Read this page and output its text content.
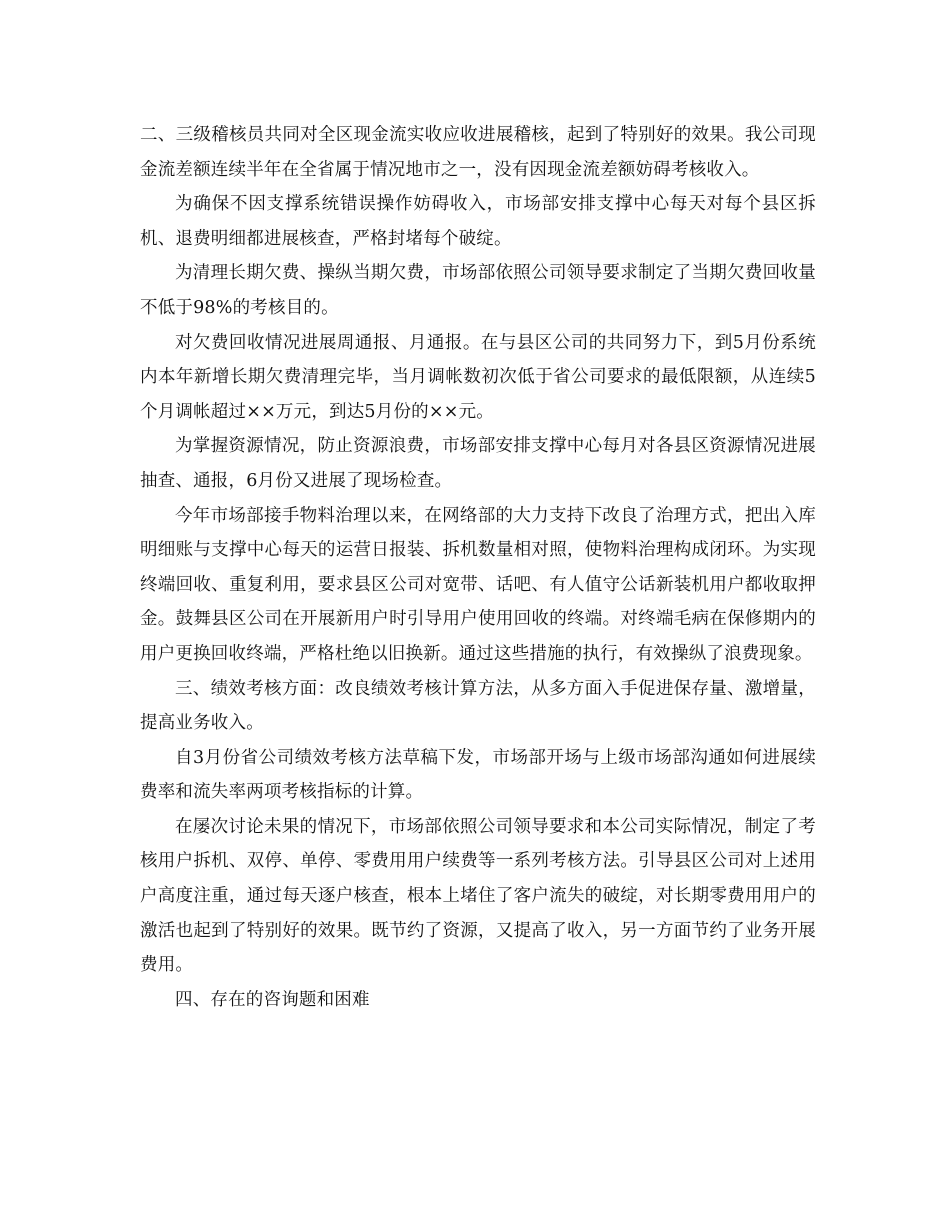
二、三级稽核员共同对全区现金流实收应收进展稽核，起到了特别好的效果。我公司现金流差额连续半年在全省属于情况地市之一，没有因现金流差额妨碍考核收入。

为确保不因支撑系统错误操作妨碍收入，市场部安排支撑中心每天对每个县区拆机、退费明细都进展核查，严格封堵每个破绽。

为清理长期欠费、操纵当期欠费，市场部依照公司领导要求制定了当期欠费回收量不低于98%的考核目的。

对欠费回收情况进展周通报、月通报。在与县区公司的共同努力下，到5月份系统内本年新增长期欠费清理完毕，当月调帐数初次低于省公司要求的最低限额，从连续5个月调帐超过××万元，到达5月份的××元。

为掌握资源情况，防止资源浪费，市场部安排支撑中心每月对各县区资源情况进展抽查、通报，6月份又进展了现场检查。

今年市场部接手物料治理以来，在网络部的大力支持下改良了治理方式，把出入库明细账与支撑中心每天的运营日报装、拆机数量相对照，使物料治理构成闭环。为实现终端回收、重复利用，要求县区公司对宽带、话吧、有人值守公话新装机用户都收取押金。鼓舞县区公司在开展新用户时引导用户使用回收的终端。对终端毛病在保修期内的用户更换回收终端，严格杜绝以旧换新。通过这些措施的执行，有效操纵了浪费现象。

三、绩效考核方面：改良绩效考核计算方法，从多方面入手促进保存量、激增量，提高业务收入。

自3月份省公司绩效考核方法草稿下发，市场部开场与上级市场部沟通如何进展续费率和流失率两项考核指标的计算。

在屡次讨论未果的情况下，市场部依照公司领导要求和本公司实际情况，制定了考核用户拆机、双停、单停、零费用用户续费等一系列考核方法。引导县区公司对上述用户高度注重，通过每天逐户核查，根本上堵住了客户流失的破绽，对长期零费用用户的激活也起到了特别好的效果。既节约了资源，又提高了收入，另一方面节约了业务开展费用。

四、存在的咨询题和困难
